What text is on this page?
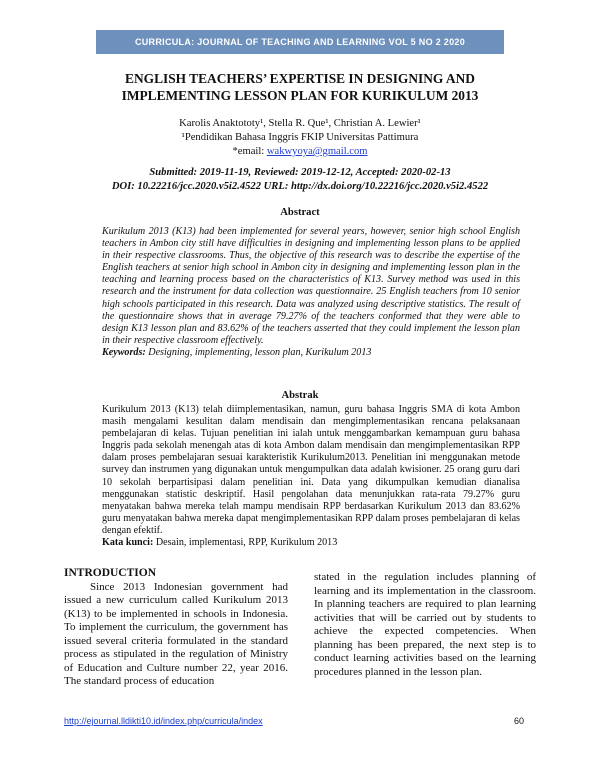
CURRICULA: JOURNAL OF TEACHING AND LEARNING VOL 5 NO 2 2020
ENGLISH TEACHERS’ EXPERTISE IN DESIGNING AND
IMPLEMENTING LESSON PLAN FOR KURIKULUM 2013
Karolis Anaktototy¹, Stella R. Que¹, Christian A. Lewier¹
¹Pendidikan Bahasa Inggris FKIP Universitas Pattimura
*email: wakwyoya@gmail.com
Submitted: 2019-11-19, Reviewed: 2019-12-12, Accepted: 2020-02-13
DOI: 10.22216/jcc.2020.v5i2.4522 URL: http://dx.doi.org/10.22216/jcc.2020.v5i2.4522
Abstract

Kurikulum 2013 (K13) had been implemented for several years, however, senior high school English teachers in Ambon city still have difficulties in designing and implementing lesson plans to be applied in their respective classrooms. Thus, the objective of this research was to describe the expertise of the English teachers at senior high school in Ambon city in designing and implementing lesson plan in the teaching and learning process based on the characteristics of K13. Survey method was used in this research and the instrument for data collection was questionnaire. 25 English teachers from 10 senior high schools participated in this research. Data was analyzed using descriptive statistics. The result of the questionnaire shows that in average 79.27% of the teachers conformed that they were able to design K13 lesson plan and 83.62% of the teachers asserted that they could implement the lesson plan in their respective classroom effectively.

Keywords: Designing, implementing, lesson plan, Kurikulum 2013

Abstrak

Kurikulum 2013 (K13) telah diimplementasikan, namun, guru bahasa Inggris SMA di kota Ambon masih mengalami kesulitan dalam mendisain dan mengimplementasikan rencana pelaksanaan pembelajaran di kelas. Tujuan penelitian ini ialah untuk menggambarkan kemampuan guru bahasa Inggris pada sekolah menengah atas di kota Ambon dalam mendisain dan mengimplementasikan RPP dalam proses pembelajaran sesuai karakteristik Kurikulum2013. Penelitian ini menggunakan metode survey dan instrumen yang digunakan untuk mengumpulkan data adalah kwisioner. 25 orang guru dari 10 sekolah berpartisipasi dalam penelitian ini. Data yang dikumpulkan kemudian dianalisa menggunakan statistic deskriptif. Hasil pengolahan data menunjukkan rata-rata 79.27% guru menyatakan bahwa mereka telah mampu mendisain RPP berdasarkan Kurikulum 2013 dan 83.62% guru menyatakan bahwa mereka dapat mengimplementasikan RPP dalam proses pembelajaran di kelas dengan efektif.

Kata kunci: Desain, implementasi, RPP, Kurikulum 2013

INTRODUCTION

Since 2013 Indonesian government had issued a new curriculum called Kurikulum 2013 (K13) to be implemented in schools in Indonesia. To implement the curriculum, the government has issued several criteria formulated in the standard process as stipulated in the regulation of Ministry of Education and Culture number 22, year 2016. The standard process of education

stated in the regulation includes planning of learning and its implementation in the classroom. In planning teachers are required to plan learning activities that will be carried out by students to achieve the expected competencies. When planning has been prepared, the next step is to conduct learning activities based on the learning procedures planned in the lesson plan.

http://ejournal.lldikti10.id/index.php/curricula/index	60
